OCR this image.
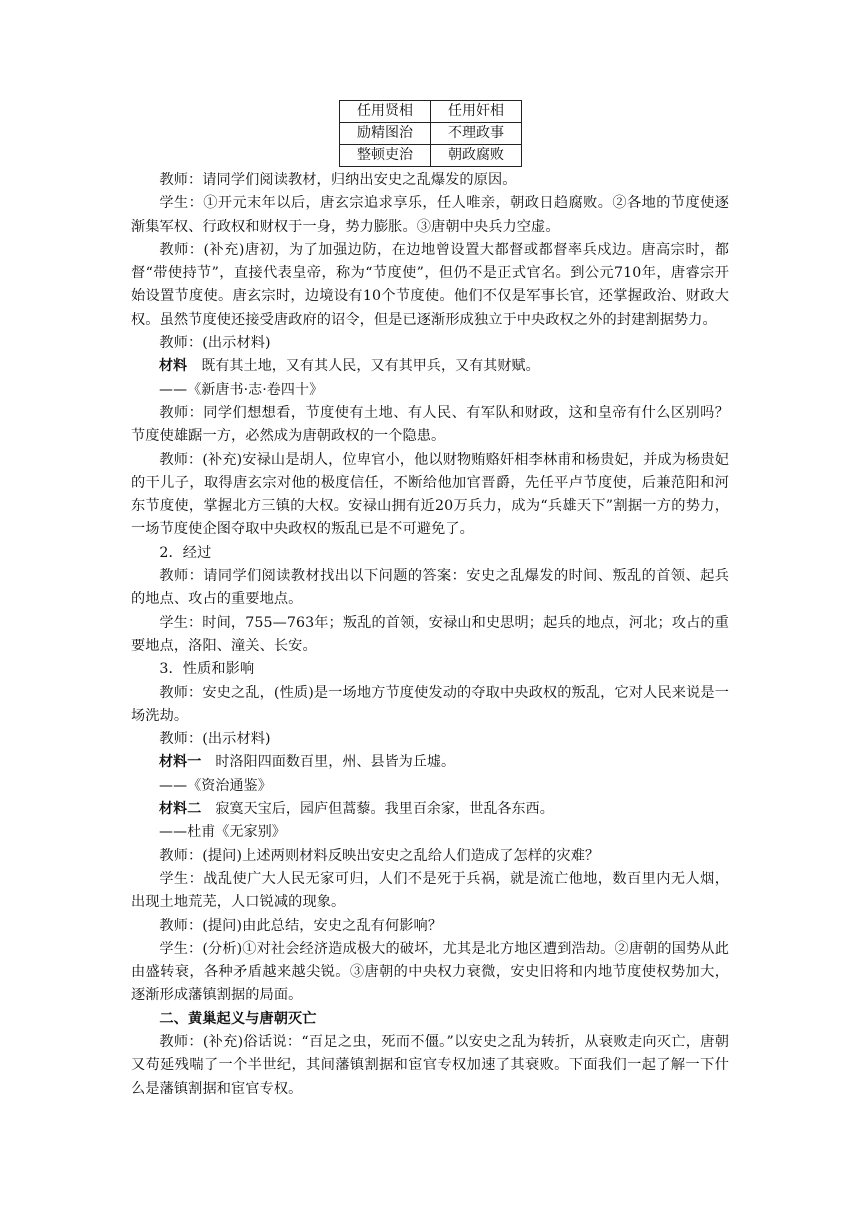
任用贤相	任用奸相
励精图治	不理政事
整顿吏治	朝政腐败

教师：请同学们阅读教材，归纳出安史之乱爆发的原因。

学生：①开元末年以后，唐玄宗追求享乐，任人唯亲，朝政日趋腐败。②各地的节度使逐渐集军权、行政权和财权于一身，势力膨胀。③唐朝中央兵力空虚。

教师：(补充)唐初，为了加强边防，在边地曾设置大都督或都督率兵戍边。唐高宗时，都督“带使持节”，直接代表皇帝，称为“节度使”，但仍不是正式官名。到公元710年，唐睿宗开始设置节度使。唐玄宗时，边境设有10个节度使。他们不仅是军事长官，还掌握政治、财政大权。虽然节度使还接受唐政府的诏令，但是已逐渐形成独立于中央政权之外的封建割据势力。

教师：(出示材料)

材料　 既有其土地，又有其人民，又有其甲兵，又有其财赋。

——《新唐书·志·卷四十》

教师：同学们想想看，节度使有土地、有人民、有军队和财政，这和皇帝有什么区别吗？节度使雄踞一方，必然成为唐朝政权的一个隐患。

教师：(补充)安禄山是胡人，位卑官小，他以财物贿赂奸相李林甫和杨贵妃，并成为杨贵妃的干儿子，取得唐玄宗对他的极度信任，不断给他加官晋爵，先任平卢节度使，后兼范阳和河东节度使，掌握北方三镇的大权。安禄山拥有近20万兵力，成为“兵雄天下”割据一方的势力，一场节度使企图夺取中央政权的叛乱已是不可避免了。

2．经过

教师：请同学们阅读教材找出以下问题的答案：安史之乱爆发的时间、叛乱的首领、起兵的地点、攻占的重要地点。

学生：时间，755—763年；叛乱的首领，安禄山和史思明；起兵的地点，河北；攻占的重要地点，洛阳、潼关、长安。

3．性质和影响

教师：安史之乱，(性质)是一场地方节度使发动的夺取中央政权的叛乱，它对人民来说是一场洗劫。

教师：(出示材料)

材料一　 时洛阳四面数百里，州、县皆为丘墟。

——《资治通鉴》

材料二　 寂寞天宝后，园庐但蒿藜。我里百余家，世乱各东西。

——杜甫《无家别》

教师：(提问)上述两则材料反映出安史之乱给人们造成了怎样的灾难？

学生：战乱使广大人民无家可归，人们不是死于兵祸，就是流亡他地，数百里内无人烟，出现土地荒芜，人口锐减的现象。

教师：(提问)由此总结，安史之乱有何影响？

学生：(分析)①对社会经济造成极大的破坏，尤其是北方地区遭到浩劫。②唐朝的国势从此由盛转衰，各种矛盾越来越尖锐。③唐朝的中央权力衰微，安史旧将和内地节度使权势加大，逐渐形成藩镇割据的局面。

二、黄巢起义与唐朝灭亡

教师：(补充)俗话说：“百足之虫，死而不僵。”以安史之乱为转折，从衰败走向灭亡，唐朝又苟延残喘了一个半世纪，其间藩镇割据和宦官专权加速了其衰败。下面我们一起了解一下什么是藩镇割据和宦官专权。
